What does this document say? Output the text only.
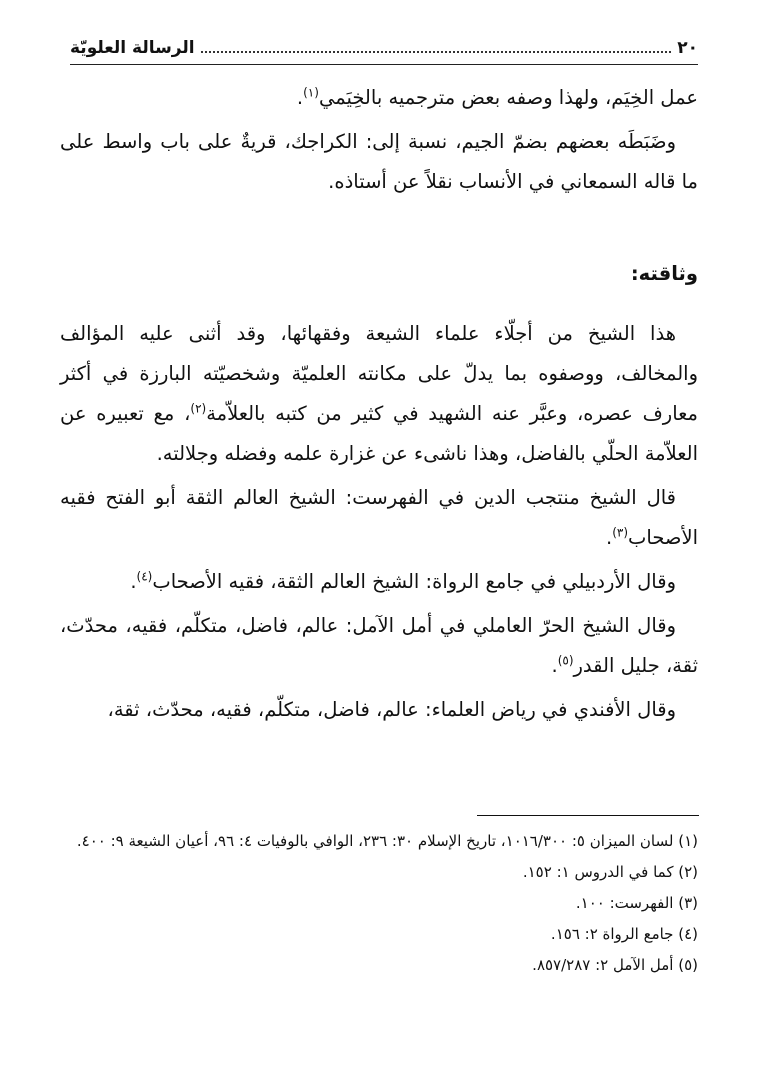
٢٠
الرسالة العلويّة

عمل الخِيَم، ولهذا وصفه بعض مترجميه بالخِيَمي$^{(١)}$.

وضَبَطَه بعضهم بضمّ الجيم، نسبة إلى: الكراجك، قريةٌ على باب واسط على ما قاله السمعاني في الأنساب نقلاً عن أستاذه.

وثاقته:

هذا الشيخ من أجلّاء علماء الشيعة وفقهائها، وقد أثنى عليه المؤالف والمخالف، ووصفوه بما يدلّ على مكانته العلميّة وشخصيّته البارزة في أكثر معارف عصره، وعبَّر عنه الشهيد في كثير من كتبه بالعلاّمة$^{(٢)}$، مع تعبيره عن العلاّمة الحلّي بالفاضل، وهذا ناشىء عن غزارة علمه وفضله وجلالته.

قال الشيخ منتجب الدين في الفهرست: الشيخ العالم الثقة أبو الفتح فقيه الأصحاب$^{(٣)}$.

وقال الأردبيلي في جامع الرواة: الشيخ العالم الثقة، فقيه الأصحاب$^{(٤)}$.

وقال الشيخ الحرّ العاملي في أمل الآمل: عالم، فاضل، متكلّم، فقيه، محدّث، ثقة، جليل القدر$^{(٥)}$.

وقال الأفندي في رياض العلماء: عالم، فاضل، متكلّم، فقيه، محدّث، ثقة،

(١) لسان الميزان ٥: ١٠١٦/٣٠٠، تاريخ الإسلام ٣٠: ٢٣٦، الوافي بالوفيات ٤: ٩٦، أعيان الشيعة ٩: ٤٠٠.

(٢) كما في الدروس ١: ١٥٢.

(٣) الفهرست: ١٠٠.

(٤) جامع الرواة ٢: ١٥٦.

(٥) أمل الآمل ٢: ٨٥٧/٢٨٧.
